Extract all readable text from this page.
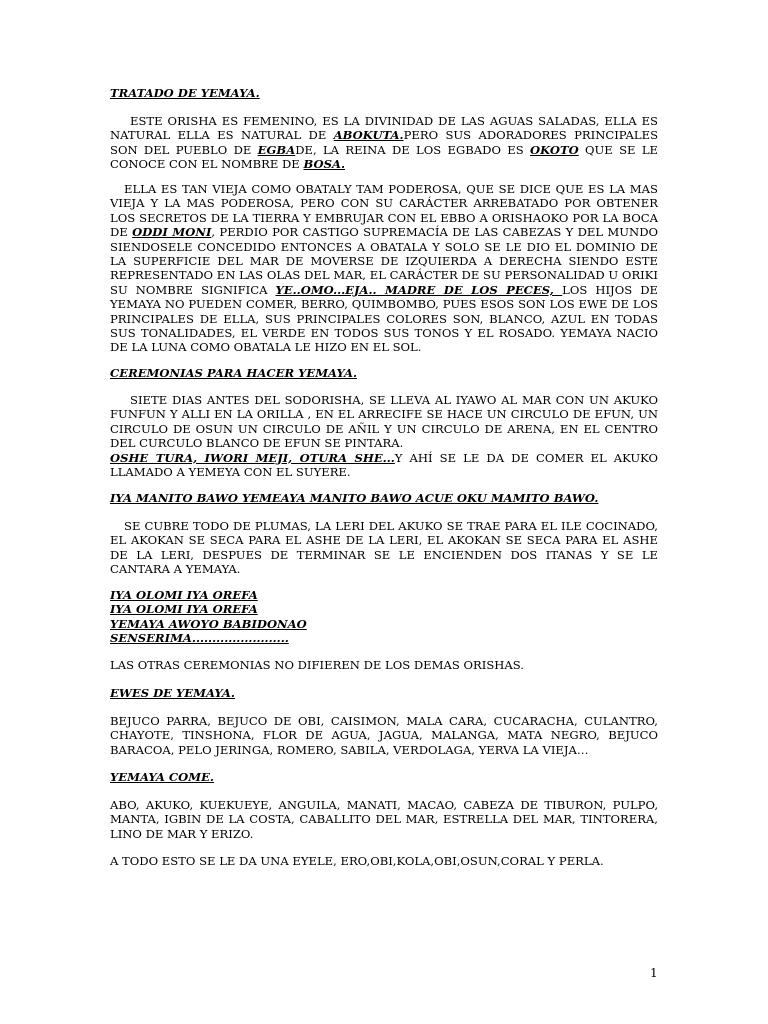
TRATADO DE YEMAYA.
ESTE ORISHA ES FEMENINO, ES LA DIVINIDAD DE LAS AGUAS SALADAS, ELLA ES NATURAL ELLA ES NATURAL DE ABOKUTA.PERO SUS ADORADORES PRINCIPALES SON DEL PUEBLO DE EGBADE, LA REINA DE LOS EGBADO ES OKOTO QUE SE LE CONOCE CON EL NOMBRE DE BOSA.
ELLA ES TAN VIEJA COMO OBATALY TAM PODEROSA, QUE SE DICE QUE ES LA MAS VIEJA Y LA MAS PODEROSA, PERO CON SU CARÁCTER ARREBATADO POR OBTENER LOS SECRETOS DE LA TIERRA Y EMBRUJAR CON EL EBBO A ORISHAOKO POR LA BOCA DE ODDI MONI, PERDIO POR CASTIGO SUPREMACÍA DE LAS CABEZAS Y DEL MUNDO SIENDOSELE CONCEDIDO ENTONCES A OBATALA Y SOLO SE LE DIO EL DOMINIO DE LA SUPERFICIE DEL MAR DE MOVERSE DE IZQUIERDA A DERECHA SIENDO ESTE REPRESENTADO EN LAS OLAS DEL MAR, EL CARÁCTER DE SU PERSONALIDAD U ORIKI SU NOMBRE SIGNIFICA YE..OMO...EJA.. MADRE DE LOS PECES, LOS HIJOS DE YEMAYA NO PUEDEN COMER, BERRO, QUIMBOMBO, PUES ESOS SON LOS EWE DE LOS PRINCIPALES DE ELLA, SUS PRINCIPALES COLORES SON, BLANCO, AZUL EN TODAS SUS TONALIDADES, EL VERDE EN TODOS SUS TONOS Y EL ROSADO. YEMAYA NACIO DE LA LUNA COMO OBATALA LE HIZO EN EL SOL.
CEREMONIAS PARA HACER YEMAYA.
SIETE DIAS ANTES DEL SODORISHA, SE LLEVA AL IYAWO AL MAR CON UN AKUKO FUNFUN Y ALLI EN LA ORILLA , EN EL ARRECIFE SE HACE UN CIRCULO DE EFUN, UN CIRCULO DE OSUN UN CIRCULO DE AÑIL Y UN CIRCULO DE ARENA, EN EL CENTRO DEL CURCULO BLANCO DE EFUN SE PINTARA.
OSHE TURA, IWORI MEJI, OTURA SHE...Y AHÍ SE LE DA DE COMER EL AKUKO LLAMADO A YEMEYA CON EL SUYERE.
IYA MANITO BAWO YEMEAYA MANITO BAWO ACUE OKU MAMITO BAWO.
SE CUBRE TODO DE PLUMAS, LA LERI DEL AKUKO SE TRAE PARA EL ILE COCINADO, EL AKOKAN SE SECA PARA EL ASHE DE LA LERI, EL AKOKAN SE SECA PARA EL ASHE DE LA LERI, DESPUES DE TERMINAR SE LE ENCIENDEN DOS ITANAS Y SE LE CANTARA A YEMAYA.
IYA OLOMI IYA OREFA
IYA OLOMI IYA OREFA
YEMAYA AWOYO BABIDONAO
SENSERIMA........................
LAS OTRAS CEREMONIAS NO DIFIEREN DE LOS DEMAS ORISHAS.
EWES DE YEMAYA.
BEJUCO PARRA, BEJUCO DE OBI, CAISIMON, MALA CARA, CUCARACHA, CULANTRO, CHAYOTE, TINSHONA, FLOR DE AGUA, JAGUA, MALANGA, MATA NEGRO, BEJUCO BARACOA, PELO JERINGA, ROMERO, SABILA, VERDOLAGA, YERVA LA VIEJA…
YEMAYA COME.
ABO, AKUKO, KUEKUEYE, ANGUILA, MANATI, MACAO, CABEZA DE TIBURON, PULPO, MANTA, IGBIN DE LA COSTA, CABALLITO DEL MAR, ESTRELLA DEL MAR, TINTORERA, LINO DE MAR Y ERIZO.
A TODO ESTO SE LE DA UNA EYELE, ERO,OBI,KOLA,OBI,OSUN,CORAL Y PERLA.
1
